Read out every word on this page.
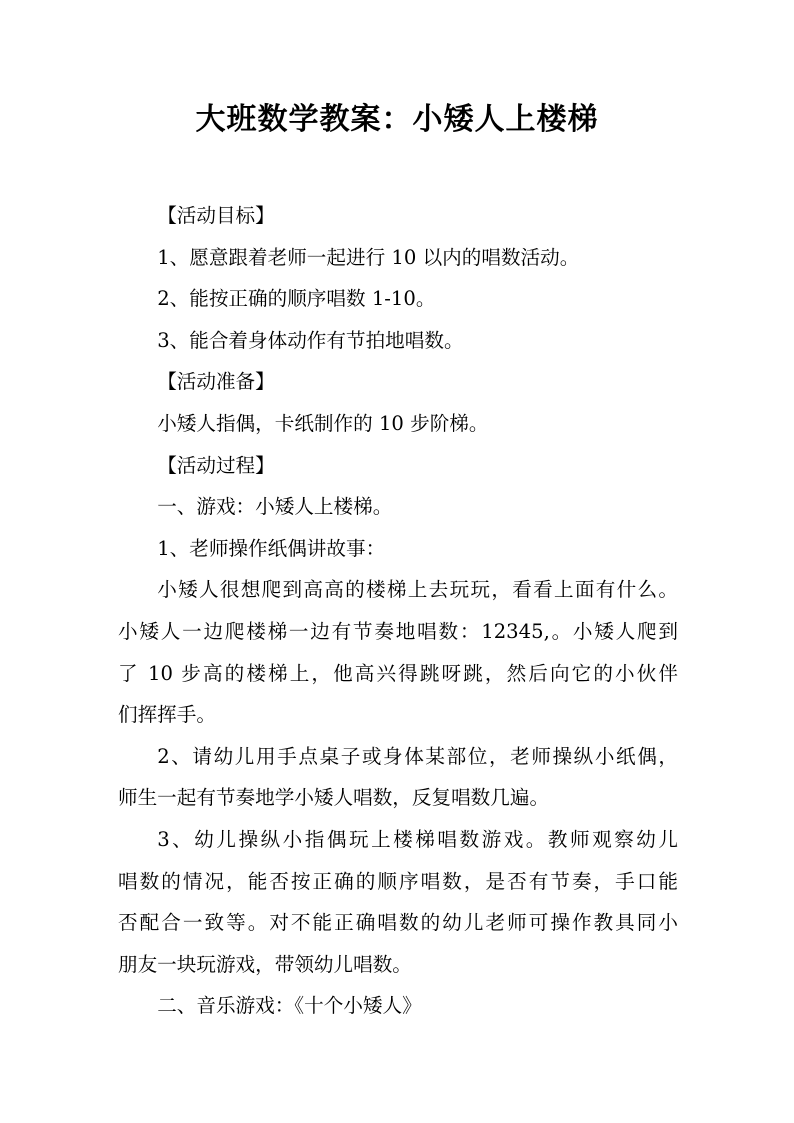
大班数学教案：小矮人上楼梯
【活动目标】
1、愿意跟着老师一起进行 10 以内的唱数活动。
2、能按正确的顺序唱数 1-10。
3、能合着身体动作有节拍地唱数。
【活动准备】
小矮人指偶，卡纸制作的 10 步阶梯。
【活动过程】
一、游戏：小矮人上楼梯。
1、老师操作纸偶讲故事：
小矮人很想爬到高高的楼梯上去玩玩，看看上面有什么。
小矮人一边爬楼梯一边有节奏地唱数：12345,。小矮人爬到
了 10 步高的楼梯上，他高兴得跳呀跳，然后向它的小伙伴
们挥挥手。
2、请幼儿用手点桌子或身体某部位，老师操纵小纸偶，
师生一起有节奏地学小矮人唱数，反复唱数几遍。
3、幼儿操纵小指偶玩上楼梯唱数游戏。教师观察幼儿
唱数的情况，能否按正确的顺序唱数，是否有节奏，手口能
否配合一致等。对不能正确唱数的幼儿老师可操作教具同小
朋友一块玩游戏，带领幼儿唱数。
二、音乐游戏：《十个小矮人》
